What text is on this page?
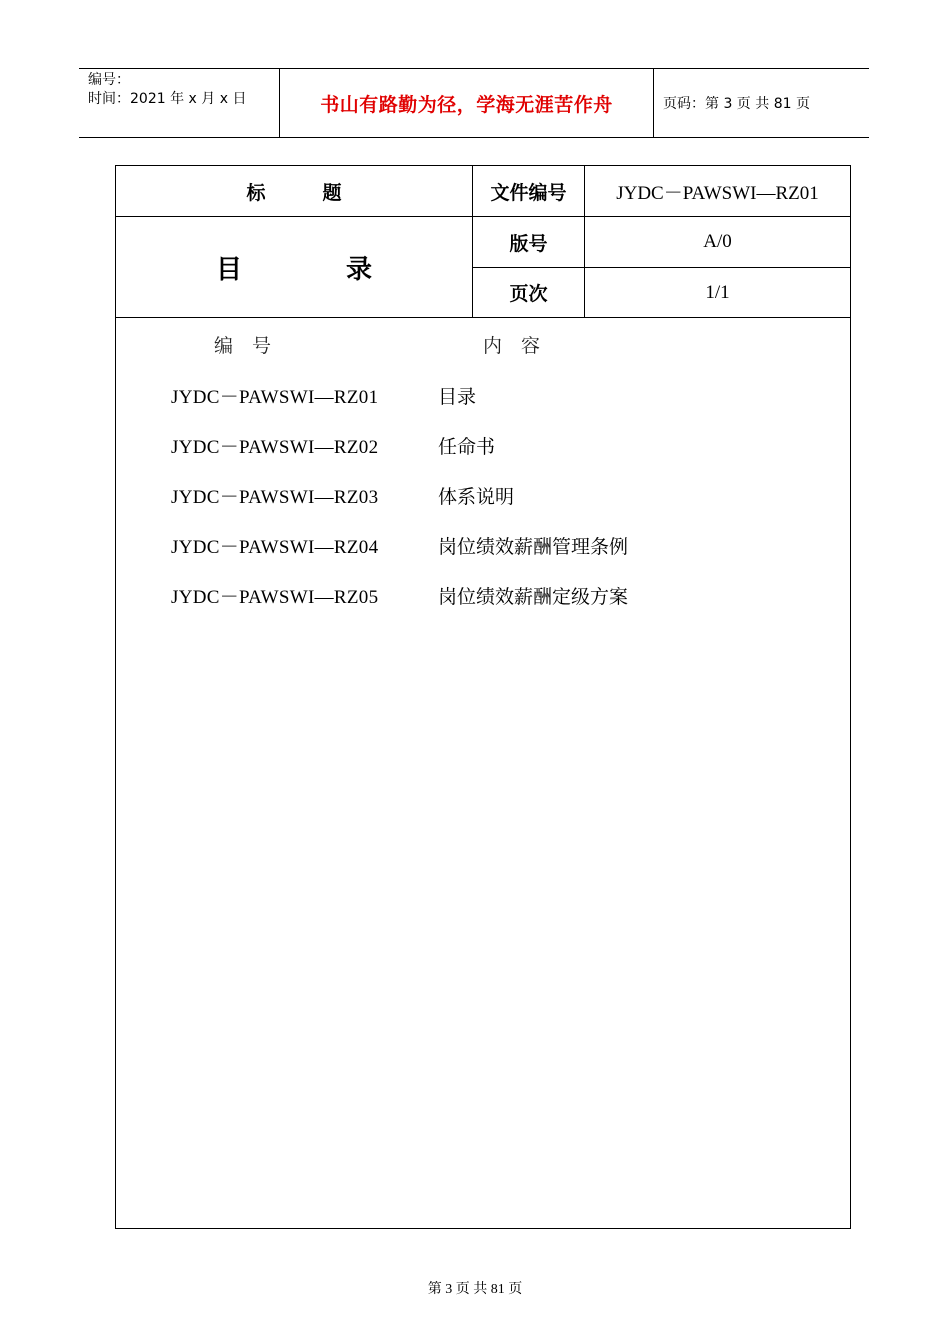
编号：
时间：2021 年 x 月 x 日	书山有路勤为径，学海无涯苦作舟	页码：第 3 页 共 81 页
标　　　题	文件编号	JYDC－PAWSWI—RZ01
目　　　　录
版号	A/0
页次	1/1
编　号	内　容
JYDC－PAWSWI—RZ01	目录
JYDC－PAWSWI—RZ02	任命书
JYDC－PAWSWI—RZ03	体系说明
JYDC－PAWSWI—RZ04	岗位绩效薪酬管理条例
JYDC－PAWSWI—RZ05	岗位绩效薪酬定级方案
第 3 页 共 81 页
